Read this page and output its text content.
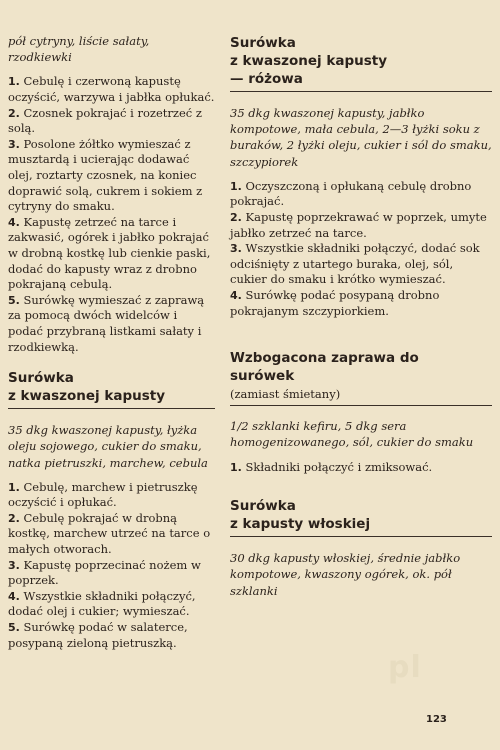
pół cytryny, liście sałaty, rzodkiewki

1. Cebulę i czerwoną kapustę oczyścić, warzywa i jabłka opłukać.

2. Czosnek pokrajać i rozetrzeć z solą.

3. Posolone żółtko wymieszać z musztardą i ucierając dodawać olej, roztarty czosnek, na koniec doprawić solą, cukrem i sokiem z cytryny do smaku.

4. Kapustę zetrzeć na tarce i zakwasić, ogórek i jabłko pokrajać w drobną kostkę lub cienkie paski, dodać do kapusty wraz z drobno pokrajaną cebulą.

5. Surówkę wymieszać z zaprawą za pomocą dwóch widelców i podać przybraną listkami sałaty i rzodkiewką.

Surówka

z kwaszonej kapusty

35 dkg kwaszonej kapusty, łyżka oleju sojowego, cukier do smaku, natka pietruszki, marchew, cebula

1. Cebulę, marchew i pietruszkę oczyścić i opłukać.

2. Cebulę pokrajać w drobną kostkę, marchew utrzeć na tarce o małych otworach.

3. Kapustę poprzecinać nożem w poprzek.

4. Wszystkie składniki połączyć, dodać olej i cukier; wymieszać.

5. Surówkę podać w salaterce, posypaną zieloną pietruszką.

Surówka

z kwaszonej kapusty

— różowa

35 dkg kwaszonej kapusty, jabłko kompotowe, mała cebula, 2—3 łyżki soku z buraków, 2 łyżki oleju, cukier i sól do smaku, szczypiorek

1. Oczyszczoną i opłukaną cebulę drobno pokrajać.

2. Kapustę poprzekrawać w poprzek, umyte jabłko zetrzeć na tarce.

3. Wszystkie składniki połączyć, dodać sok odciśnięty z utartego buraka, olej, sól, cukier do smaku i krótko wymieszać.

4. Surówkę podać posypaną drobno pokrajanym szczypiorkiem.

Wzbogacona zaprawa do

surówek

(zamiast śmietany)

1/2 szklanki kefiru, 5 dkg sera homogenizowanego, sól, cukier do smaku

1. Składniki połączyć i zmiksować.

Surówka

z kapusty włoskiej

30 dkg kapusty włoskiej, średnie jabłko kompotowe, kwaszony ogórek, ok. pół szklanki

pl
123
